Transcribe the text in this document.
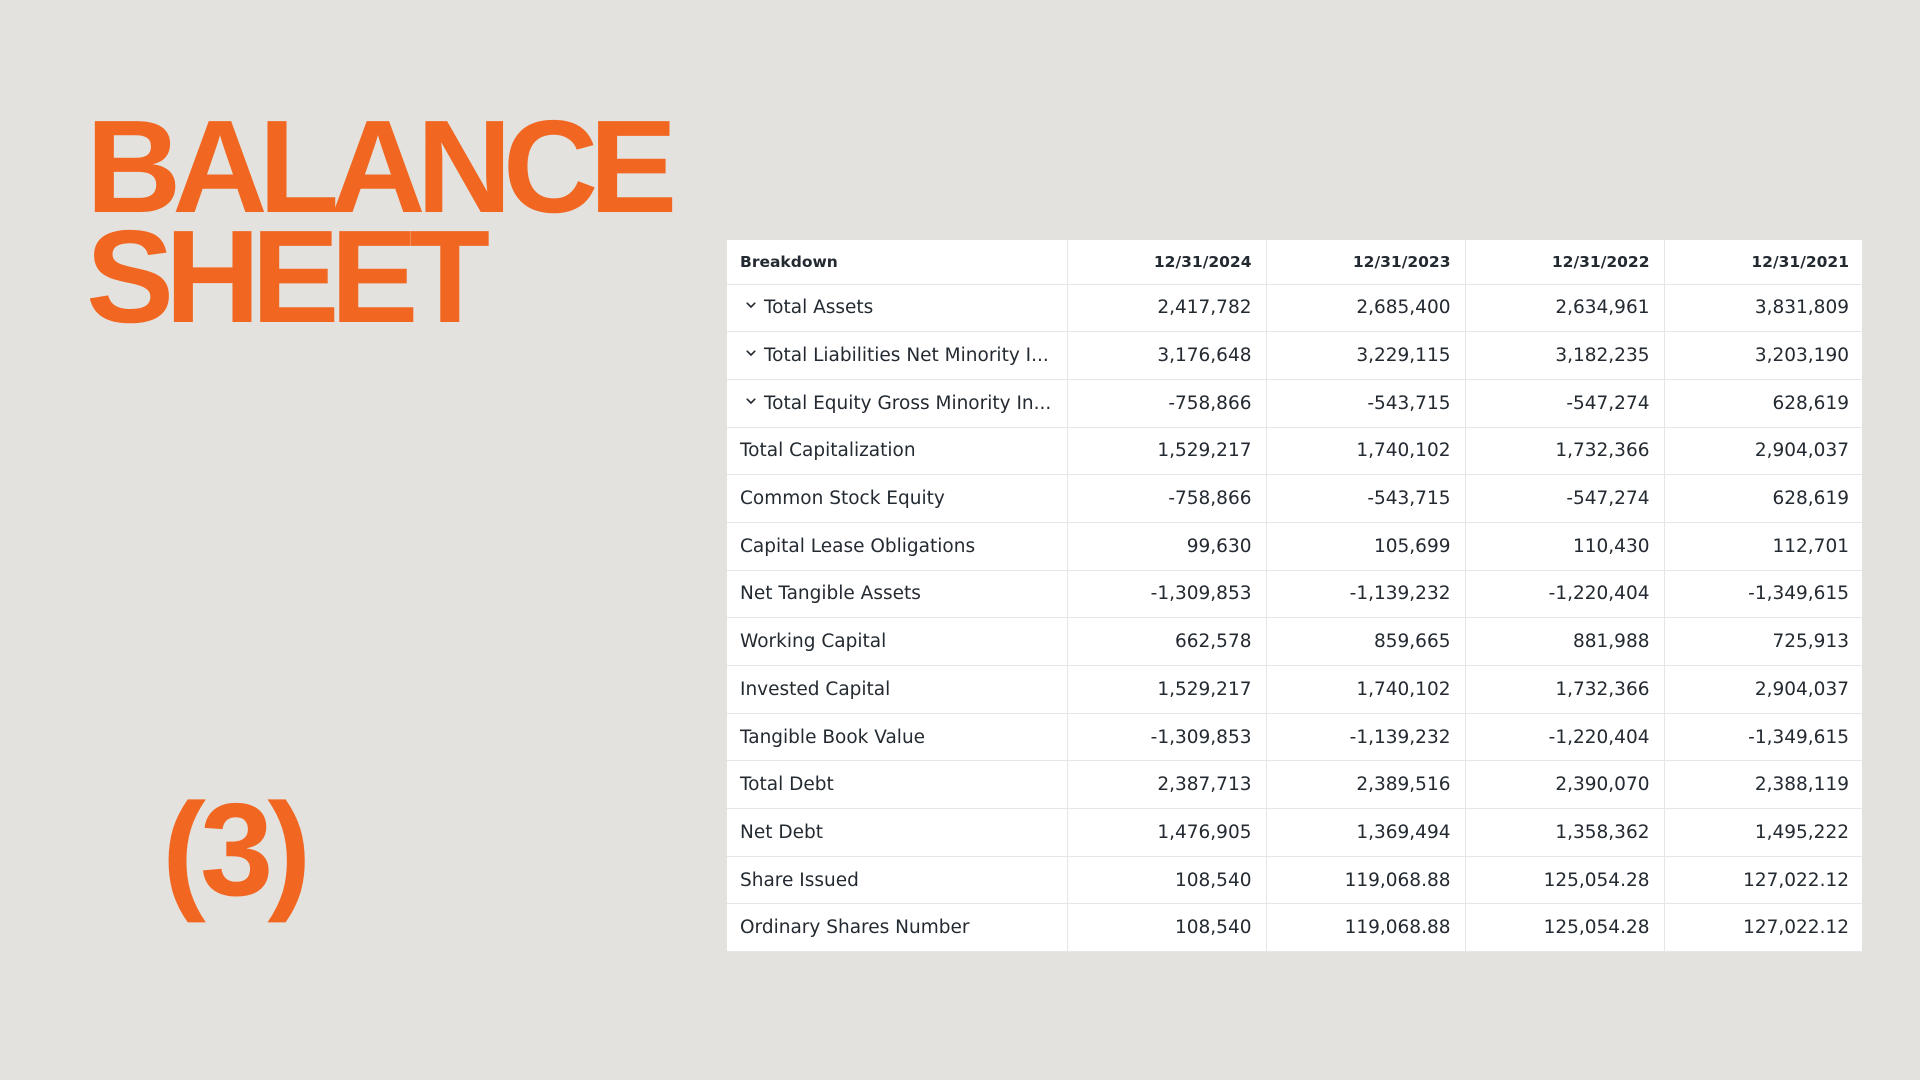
BALANCE
SHEET
(3)
Breakdown	12/31/2024	12/31/2023	12/31/2022	12/31/2021

Total Assets	2,417,782	2,685,400	2,634,961	3,831,809

Total Liabilities Net Minority I...	3,176,648	3,229,115	3,182,235	3,203,190

Total Equity Gross Minority In...	-758,866	-543,715	-547,274	628,619
Total Capitalization	1,529,217	1,740,102	1,732,366	2,904,037
Common Stock Equity	-758,866	-543,715	-547,274	628,619
Capital Lease Obligations	99,630	105,699	110,430	112,701
Net Tangible Assets	-1,309,853	-1,139,232	-1,220,404	-1,349,615
Working Capital	662,578	859,665	881,988	725,913
Invested Capital	1,529,217	1,740,102	1,732,366	2,904,037
Tangible Book Value	-1,309,853	-1,139,232	-1,220,404	-1,349,615
Total Debt	2,387,713	2,389,516	2,390,070	2,388,119
Net Debt	1,476,905	1,369,494	1,358,362	1,495,222
Share Issued	108,540	119,068.88	125,054.28	127,022.12
Ordinary Shares Number	108,540	119,068.88	125,054.28	127,022.12
